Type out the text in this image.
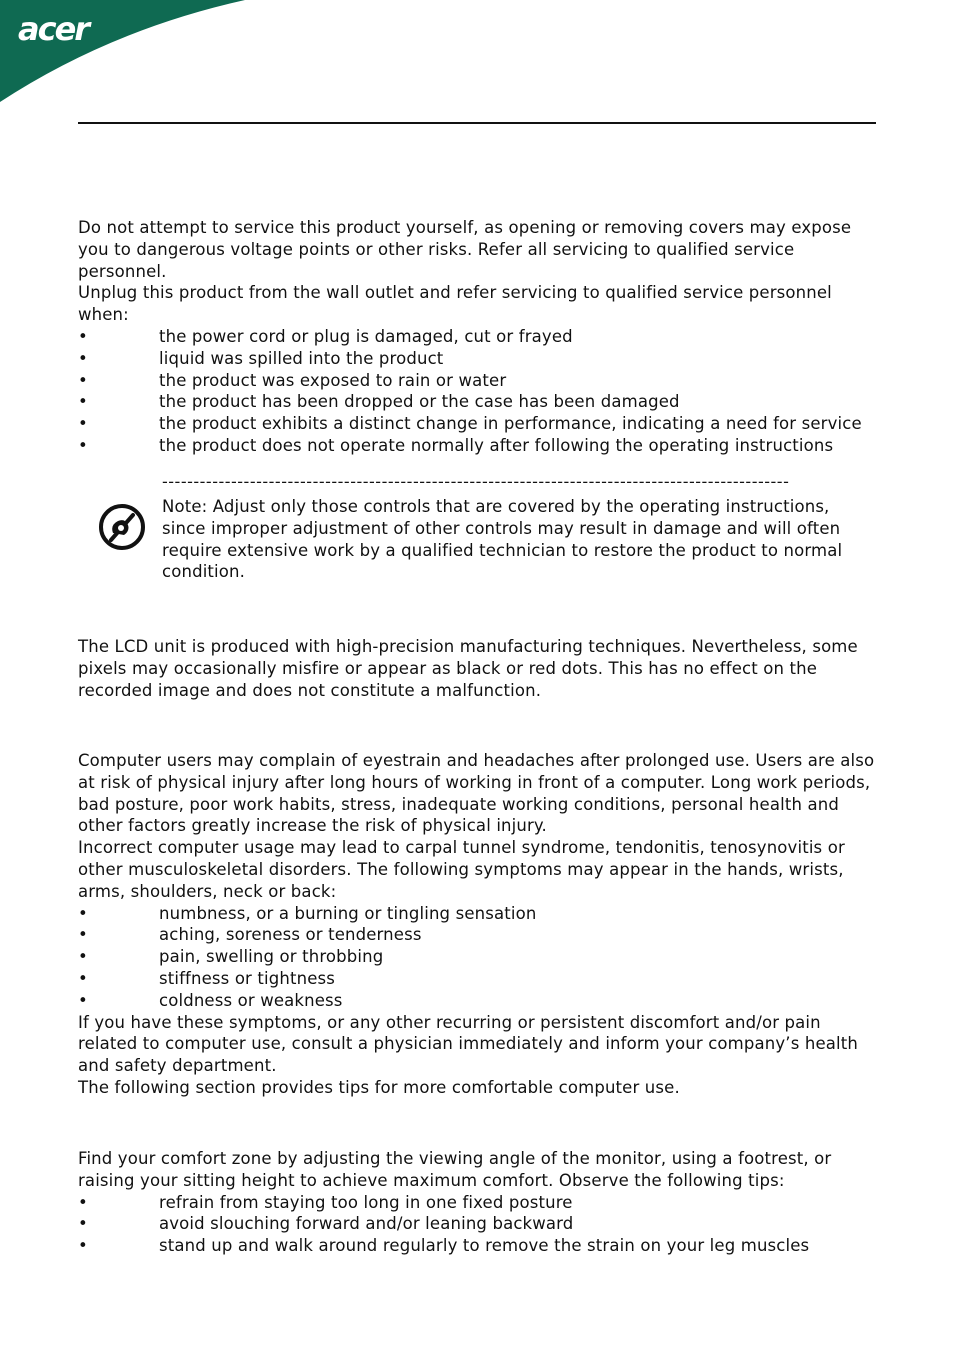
acer

Do not attempt to service this product yourself, as opening or removing covers may expose you to dangerous voltage points or other risks. Refer all servicing to qualified service personnel.

Unplug this product from the wall outlet and refer servicing to qualified service personnel when:

•	the power cord or plug is damaged, cut or frayed
•	liquid was spilled into the product
•	the product was exposed to rain or water
•	the product has been dropped or the case has been damaged
•	the product exhibits a distinct change in performance, indicating a need for service
•	the product does not operate normally after following the operating instructions
----------------------------------------------------------------------------------------------------

Note: Adjust only those controls that are covered by the operating instructions, since improper adjustment of other controls may result in damage and will often require extensive work by a qualified technician to restore the product to normal condition.

The LCD unit is produced with high-precision manufacturing techniques. Nevertheless, some pixels may occasionally misfire or appear as black or red dots. This has no effect on the recorded image and does not constitute a malfunction.

Computer users may complain of eyestrain and headaches after prolonged use. Users are also at risk of physical injury after long hours of working in front of a computer. Long work periods, bad posture, poor work habits, stress, inadequate working conditions, personal health and other factors greatly increase the risk of physical injury.

Incorrect computer usage may lead to carpal tunnel syndrome, tendonitis, tenosynovitis or other musculoskeletal disorders. The following symptoms may appear in the hands, wrists, arms, shoulders, neck or back:

•	numbness, or a burning or tingling sensation
•	aching, soreness or tenderness
•	pain, swelling or throbbing
•	stiffness or tightness
•	coldness or weakness

If you have these symptoms, or any other recurring or persistent discomfort and/or pain related to computer use, consult a physician immediately and inform your company’s health and safety department.

The following section provides tips for more comfortable computer use.

Find your comfort zone by adjusting the viewing angle of the monitor, using a footrest, or raising your sitting height to achieve maximum comfort. Observe the following tips:

•	refrain from staying too long in one fixed posture
•	avoid slouching forward and/or leaning backward
•	stand up and walk around regularly to remove the strain on your leg muscles
